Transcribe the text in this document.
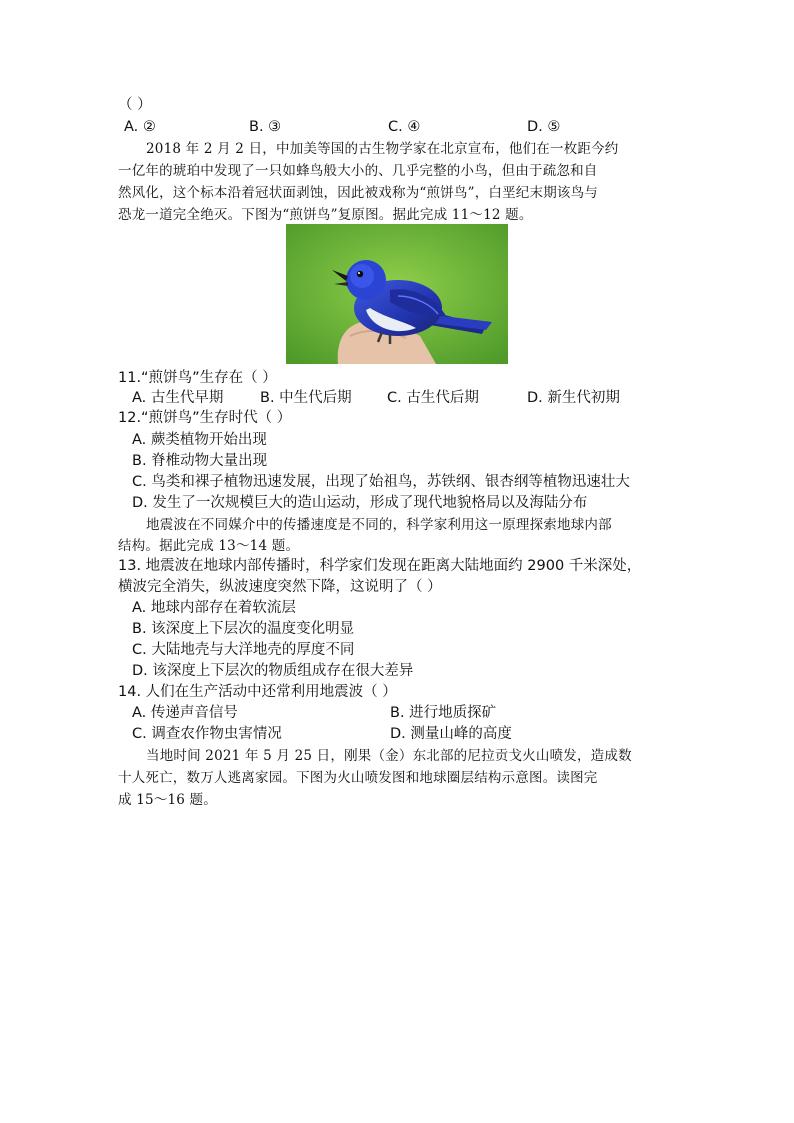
（ ）
A. ②	B. ③	C. ④	D. ⑤
2018 年 2 月 2 日，中加美等国的古生物学家在北京宣布，他们在一枚距今约
一亿年的琥珀中发现了一只如蜂鸟般大小的、几乎完整的小鸟，但由于疏忽和自
然风化，这个标本沿着冠状面剥蚀，因此被戏称为“煎饼鸟”，白垩纪末期该鸟与
恐龙一道完全绝灭。下图为“煎饼鸟”复原图。据此完成 11～12 题。
11.“煎饼鸟”生存在（ ）
A. 古生代早期	B. 中生代后期 C. 古生代后期	D. 新生代初期
12.“煎饼鸟”生存时代（ ）
A. 蕨类植物开始出现
B. 脊椎动物大量出现
C. 鸟类和裸子植物迅速发展，出现了始祖鸟，苏铁纲、银杏纲等植物迅速壮大
D. 发生了一次规模巨大的造山运动，形成了现代地貌格局以及海陆分布
地震波在不同媒介中的传播速度是不同的，科学家利用这一原理探索地球内部
结构。据此完成 13～14 题。
13. 地震波在地球内部传播时，科学家们发现在距离大陆地面约 2900 千米深处，
横波完全消失，纵波速度突然下降，这说明了（ ）
A. 地球内部存在着软流层
B. 该深度上下层次的温度变化明显
C. 大陆地壳与大洋地壳的厚度不同
D. 该深度上下层次的物质组成存在很大差异
14. 人们在生产活动中还常利用地震波（ ）
A. 传递声音信号	B. 进行地质探矿
C. 调查农作物虫害情况	D. 测量山峰的高度
当地时间 2021 年 5 月 25 日，刚果（金）东北部的尼拉贡戈火山喷发，造成数
十人死亡，数万人逃离家园。下图为火山喷发图和地球圈层结构示意图。读图完
成 15～16 题。
